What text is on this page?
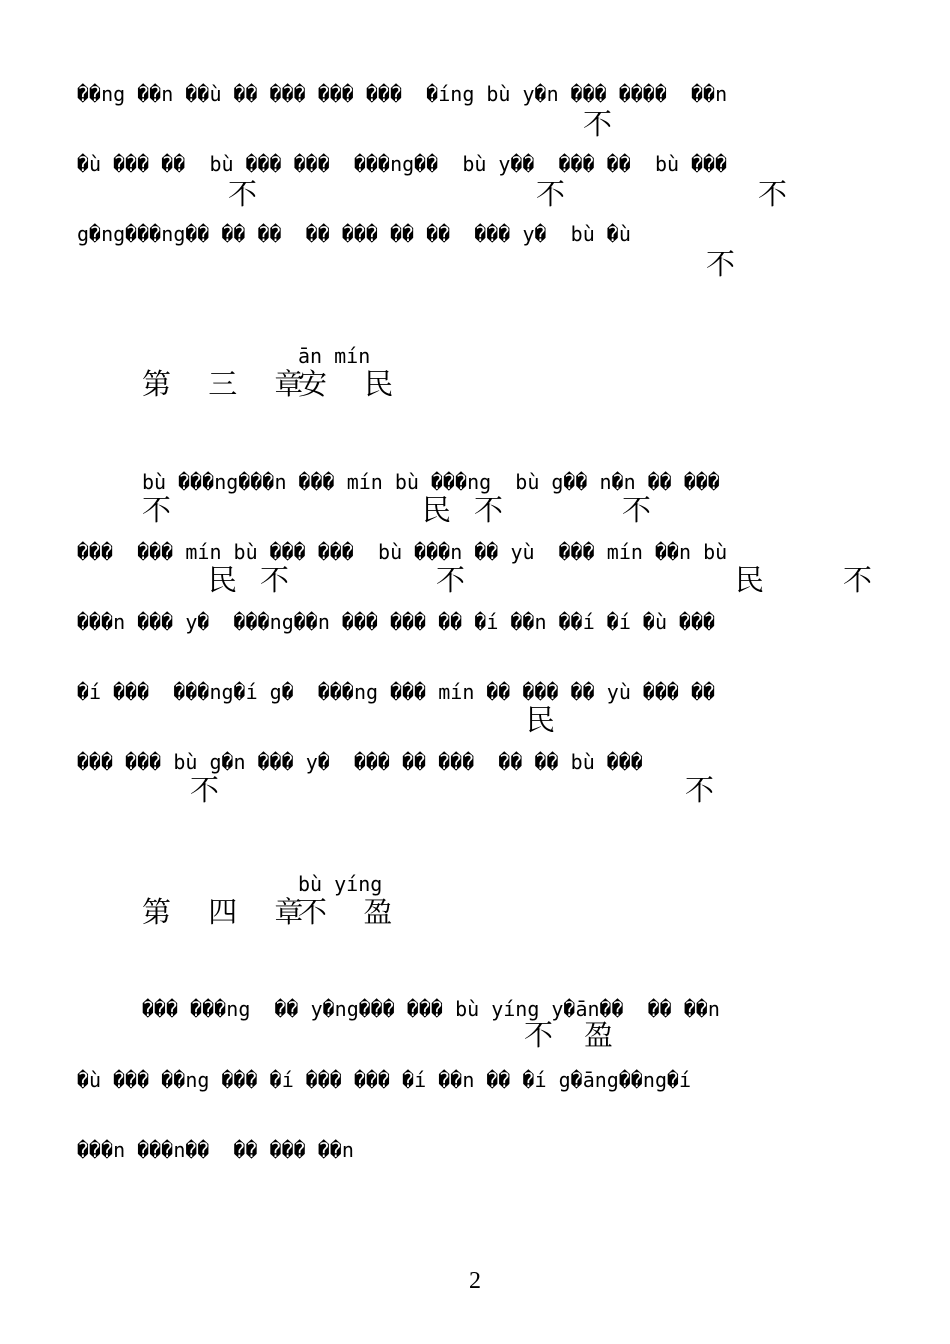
��ng ��n ��ù �� ��� ��� ���  �íng bù y�n ��� ����  ��n
不
�ù ��� ��  bù ��� ���  ���ng��  bù y��  ��� ��  bù ���
不	不	不
g�ng���ng�� �� ��  �� ��� �� ��  ��� y�  bù �ù
不
ān mín
第 三 章
安 民
bù ���ng���n ��� mín bù ���ng  bù g�� n�n �� ���
不	民 不	不
���  ��� mín bù ��� ���  bù ���n �� yù  ��� mín ��n bù
民 不	不	民	不
���n ��� y�  ���ng��n ��� ��� �� �í ��n ��í �í �ù ���
�í ���  ���ng�í g�  ���ng ��� mín �� ��� �� yù ��� ��
民
��� ��� bù g�n ��� y�  ��� �� ���  �� �� bù ���
不	不
bù yíng
第 四 章
不  盈
��� ���ng  �� y�ng��� ��� bù yíng y�ān��  �� ��n
不 盈
�ù ��� ��ng ��� �í ��� ��� �í ��n �� �í g�āng��ng�í
���n ���n��  �� ��� ��n
2
